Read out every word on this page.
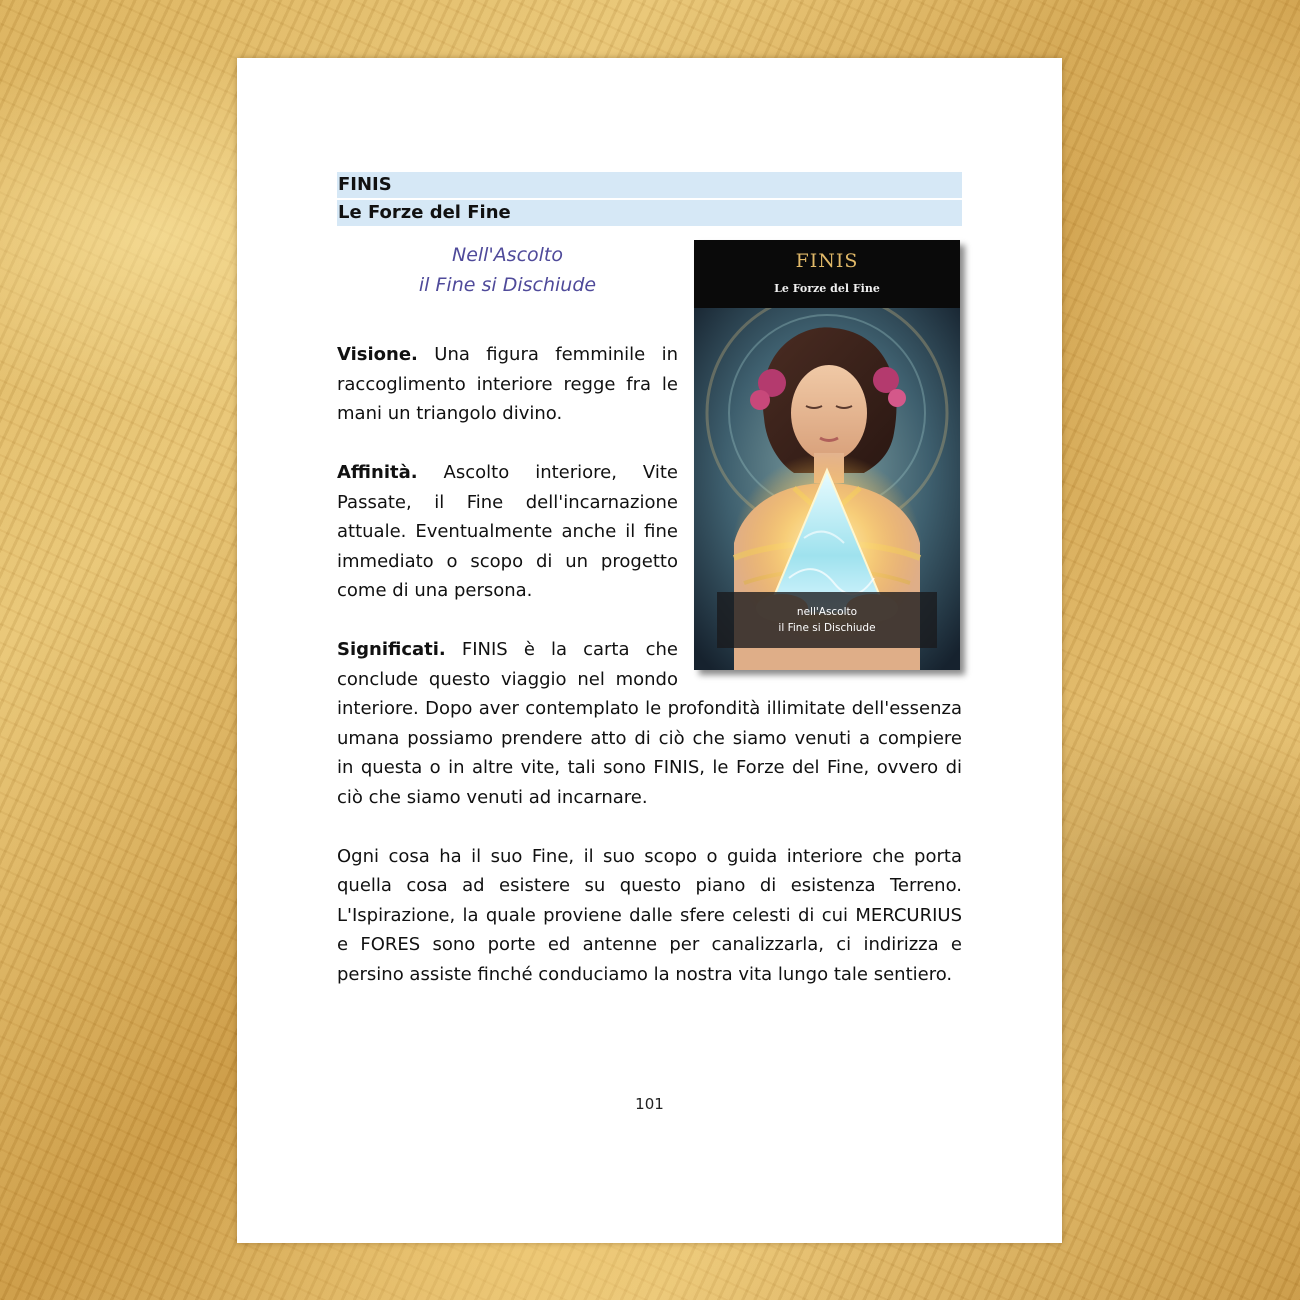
FINIS
Le Forze del Fine
FINIS
Le Forze del Fine
nell'Ascolto
il Fine si Dischiude
Nell'Ascolto
il Fine si Dischiude

Visione. Una figura femminile in raccoglimento interiore regge fra le mani un triangolo divino.

Affinità. Ascolto interiore, Vite Passate, il Fine dell'incarnazione attuale. Eventualmente anche il fine immediato o scopo di un progetto come di una persona.

Significati. FINIS è la carta che conclude questo viaggio nel mondo interiore. Dopo aver contemplato le profondità illimitate dell'essenza umana possiamo prendere atto di ciò che siamo venuti a compiere in questa o in altre vite, tali sono FINIS, le Forze del Fine, ovvero di ciò che siamo venuti ad incarnare.

Ogni cosa ha il suo Fine, il suo scopo o guida interiore che porta quella cosa ad esistere su questo piano di esistenza Terreno. L'Ispirazione, la quale proviene dalle sfere celesti di cui MERCURIUS e FORES sono porte ed antenne per canalizzarla, ci indirizza e persino assiste finché conduciamo la nostra vita lungo tale sentiero.

101
